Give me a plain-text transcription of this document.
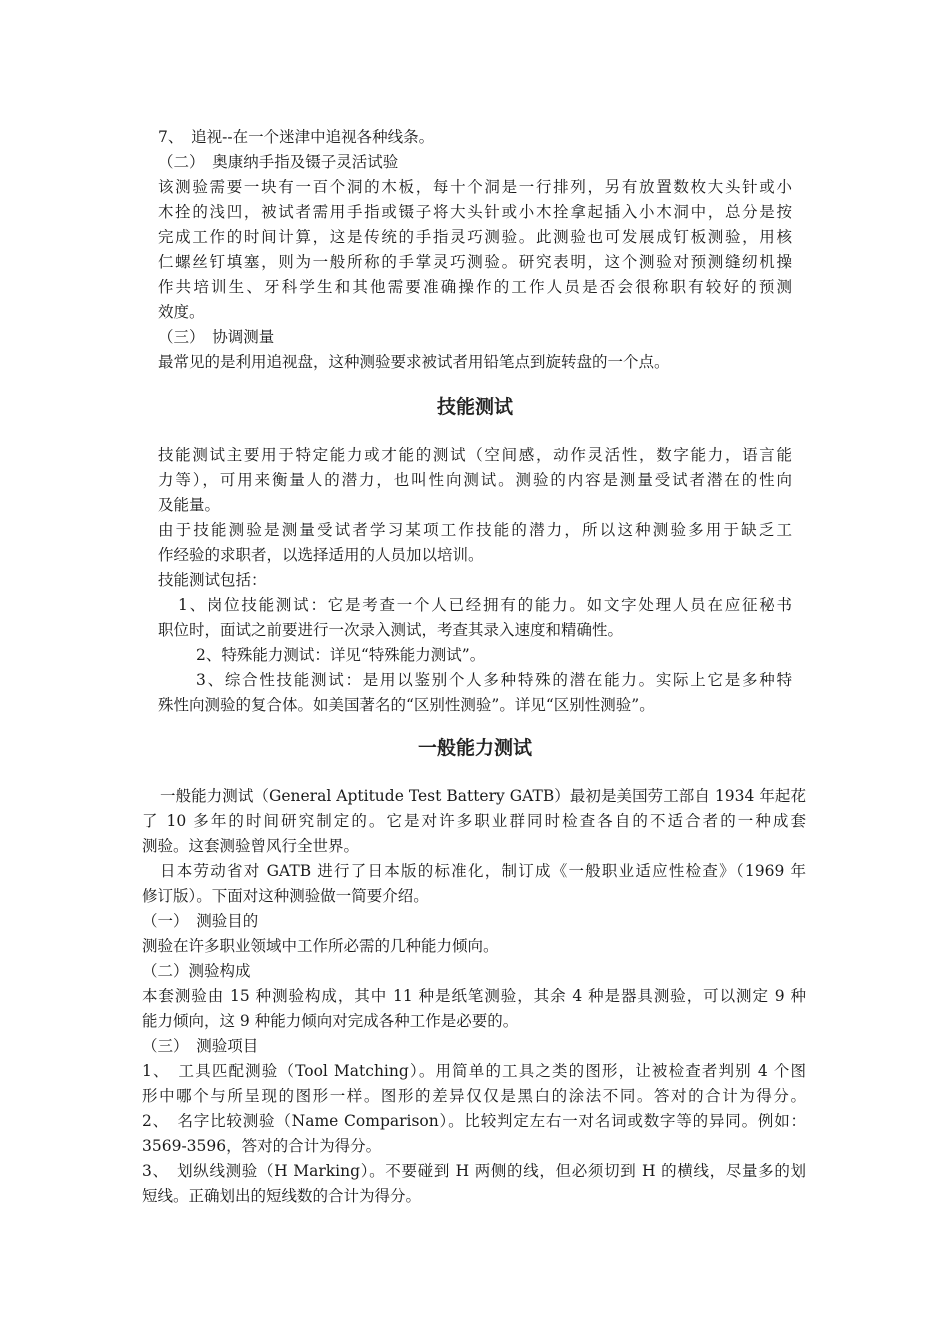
7、　追视--在一个迷津中追视各种线条。
（二）　奥康纳手指及镊子灵活试验
该测验需要一块有一百个洞的木板，每十个洞是一行排列，另有放置数枚大头针或小
木拴的浅凹，被试者需用手指或镊子将大头针或小木拴拿起插入小木洞中，总分是按
完成工作的时间计算，这是传统的手指灵巧测验。此测验也可发展成钉板测验，用核
仁螺丝钉填塞，则为一般所称的手掌灵巧测验。研究表明，这个测验对预测缝纫机操
作共培训生、牙科学生和其他需要准确操作的工作人员是否会很称职有较好的预测
效度。
（三）　协调测量
最常见的是利用追视盘，这种测验要求被试者用铅笔点到旋转盘的一个点。
技能测试
技能测试主要用于特定能力或才能的测试（空间感，动作灵活性，数字能力，语言能
力等），可用来衡量人的潜力，也叫性向测试。测验的内容是测量受试者潜在的性向
及能量。
由于技能测验是测量受试者学习某项工作技能的潜力，所以这种测验多用于缺乏工
作经验的求职者，以选择适用的人员加以培训。
技能测试包括：
1、岗位技能测试：它是考查一个人已经拥有的能力。如文字处理人员在应征秘书
职位时，面试之前要进行一次录入测试，考查其录入速度和精确性。
2、特殊能力测试：详见“特殊能力测试”。
3、综合性技能测试：是用以鉴别个人多种特殊的潜在能力。实际上它是多种特
殊性向测验的复合体。如美国著名的“区别性测验”。详见“区别性测验”。
一般能力测试
一般能力测试（General Aptitude Test Battery GATB）最初是美国劳工部自 1934 年起花
了 10 多年的时间研究制定的。它是对许多职业群同时检查各自的不适合者的一种成套
测验。这套测验曾风行全世界。
日本劳动省对 GATB 进行了日本版的标准化，制订成《一般职业适应性检查》（1969 年
修订版）。下面对这种测验做一简要介绍。
（一）　测验目的
测验在许多职业领域中工作所必需的几种能力倾向。
（二）测验构成
本套测验由 15 种测验构成，其中 11 种是纸笔测验，其余 4 种是器具测验，可以测定 9 种
能力倾向，这 9 种能力倾向对完成各种工作是必要的。
（三）　测验项目
1、　工具匹配测验（Tool Matching）。用简单的工具之类的图形，让被检查者判别 4 个图
形中哪个与所呈现的图形一样。图形的差异仅仅是黑白的涂法不同。答对的合计为得分。
2、　名字比较测验（Name Comparison）。比较判定左右一对名词或数字等的异同。例如：
3569-3596，答对的合计为得分。
3、　划纵线测验（H Marking）。不要碰到 H 两侧的线，但必须切到 H 的横线，尽量多的划
短线。正确划出的短线数的合计为得分。
